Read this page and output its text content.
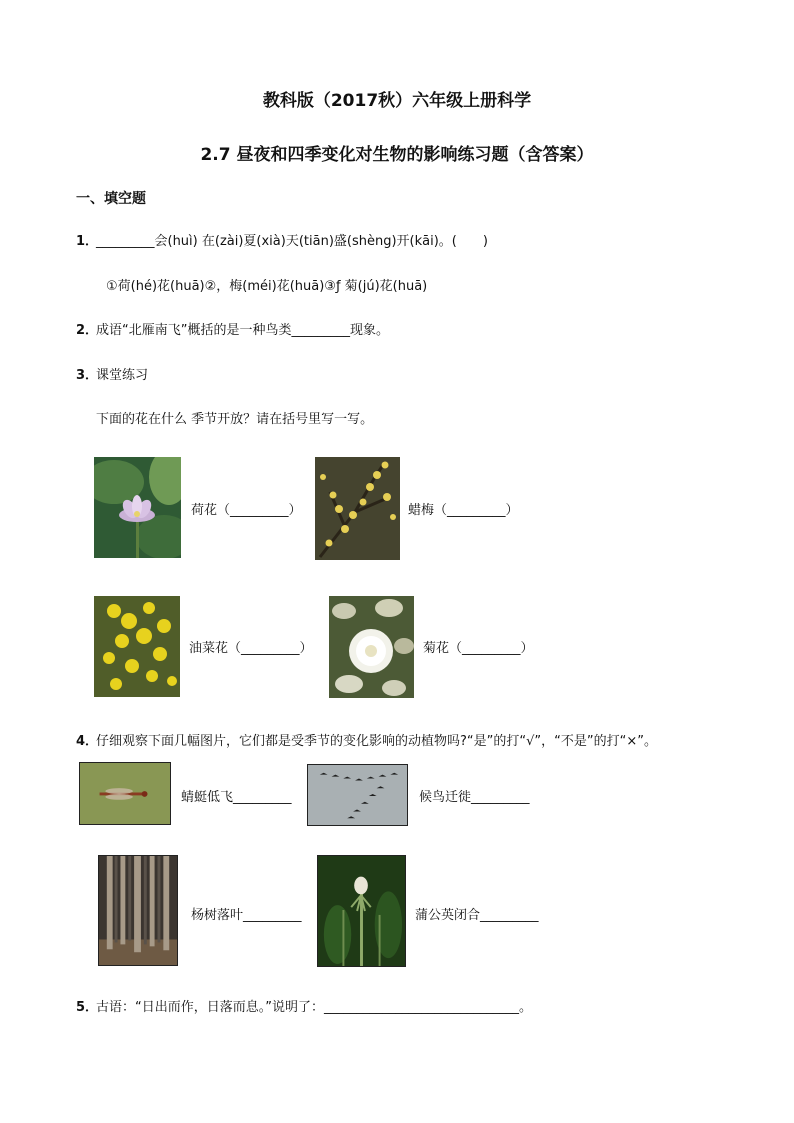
教科版（2017秋）六年级上册科学
2.7 昼夜和四季变化对生物的影响练习题（含答案）
一、填空题
1．
_________会(huì) 在(zài)夏(xià)天(tiān)盛(shèng)开(kāi)。(　　)
①荷(hé)花(huā)②，梅(méi)花(huā)③ƒ 菊(jú)花(huā)
2．
成语“北雁南飞”概括的是一种鸟类_________现象。
3．
课堂练习
下面的花在什么 季节开放？请在括号里写一写。
荷花（_________）	蜡梅（_________）
油菜花（_________）	菊花（_________）
4．
仔细观察下面几幅图片，它们都是受季节的变化影响的动植物吗?“是”的打“√”，“不是”的打“×”。
蜻蜓低飞_________	候鸟迁徙_________
杨树落叶_________	蒲公英闭合_________
5．
古语：“日出而作，日落而息。”说明了：______________________________。
